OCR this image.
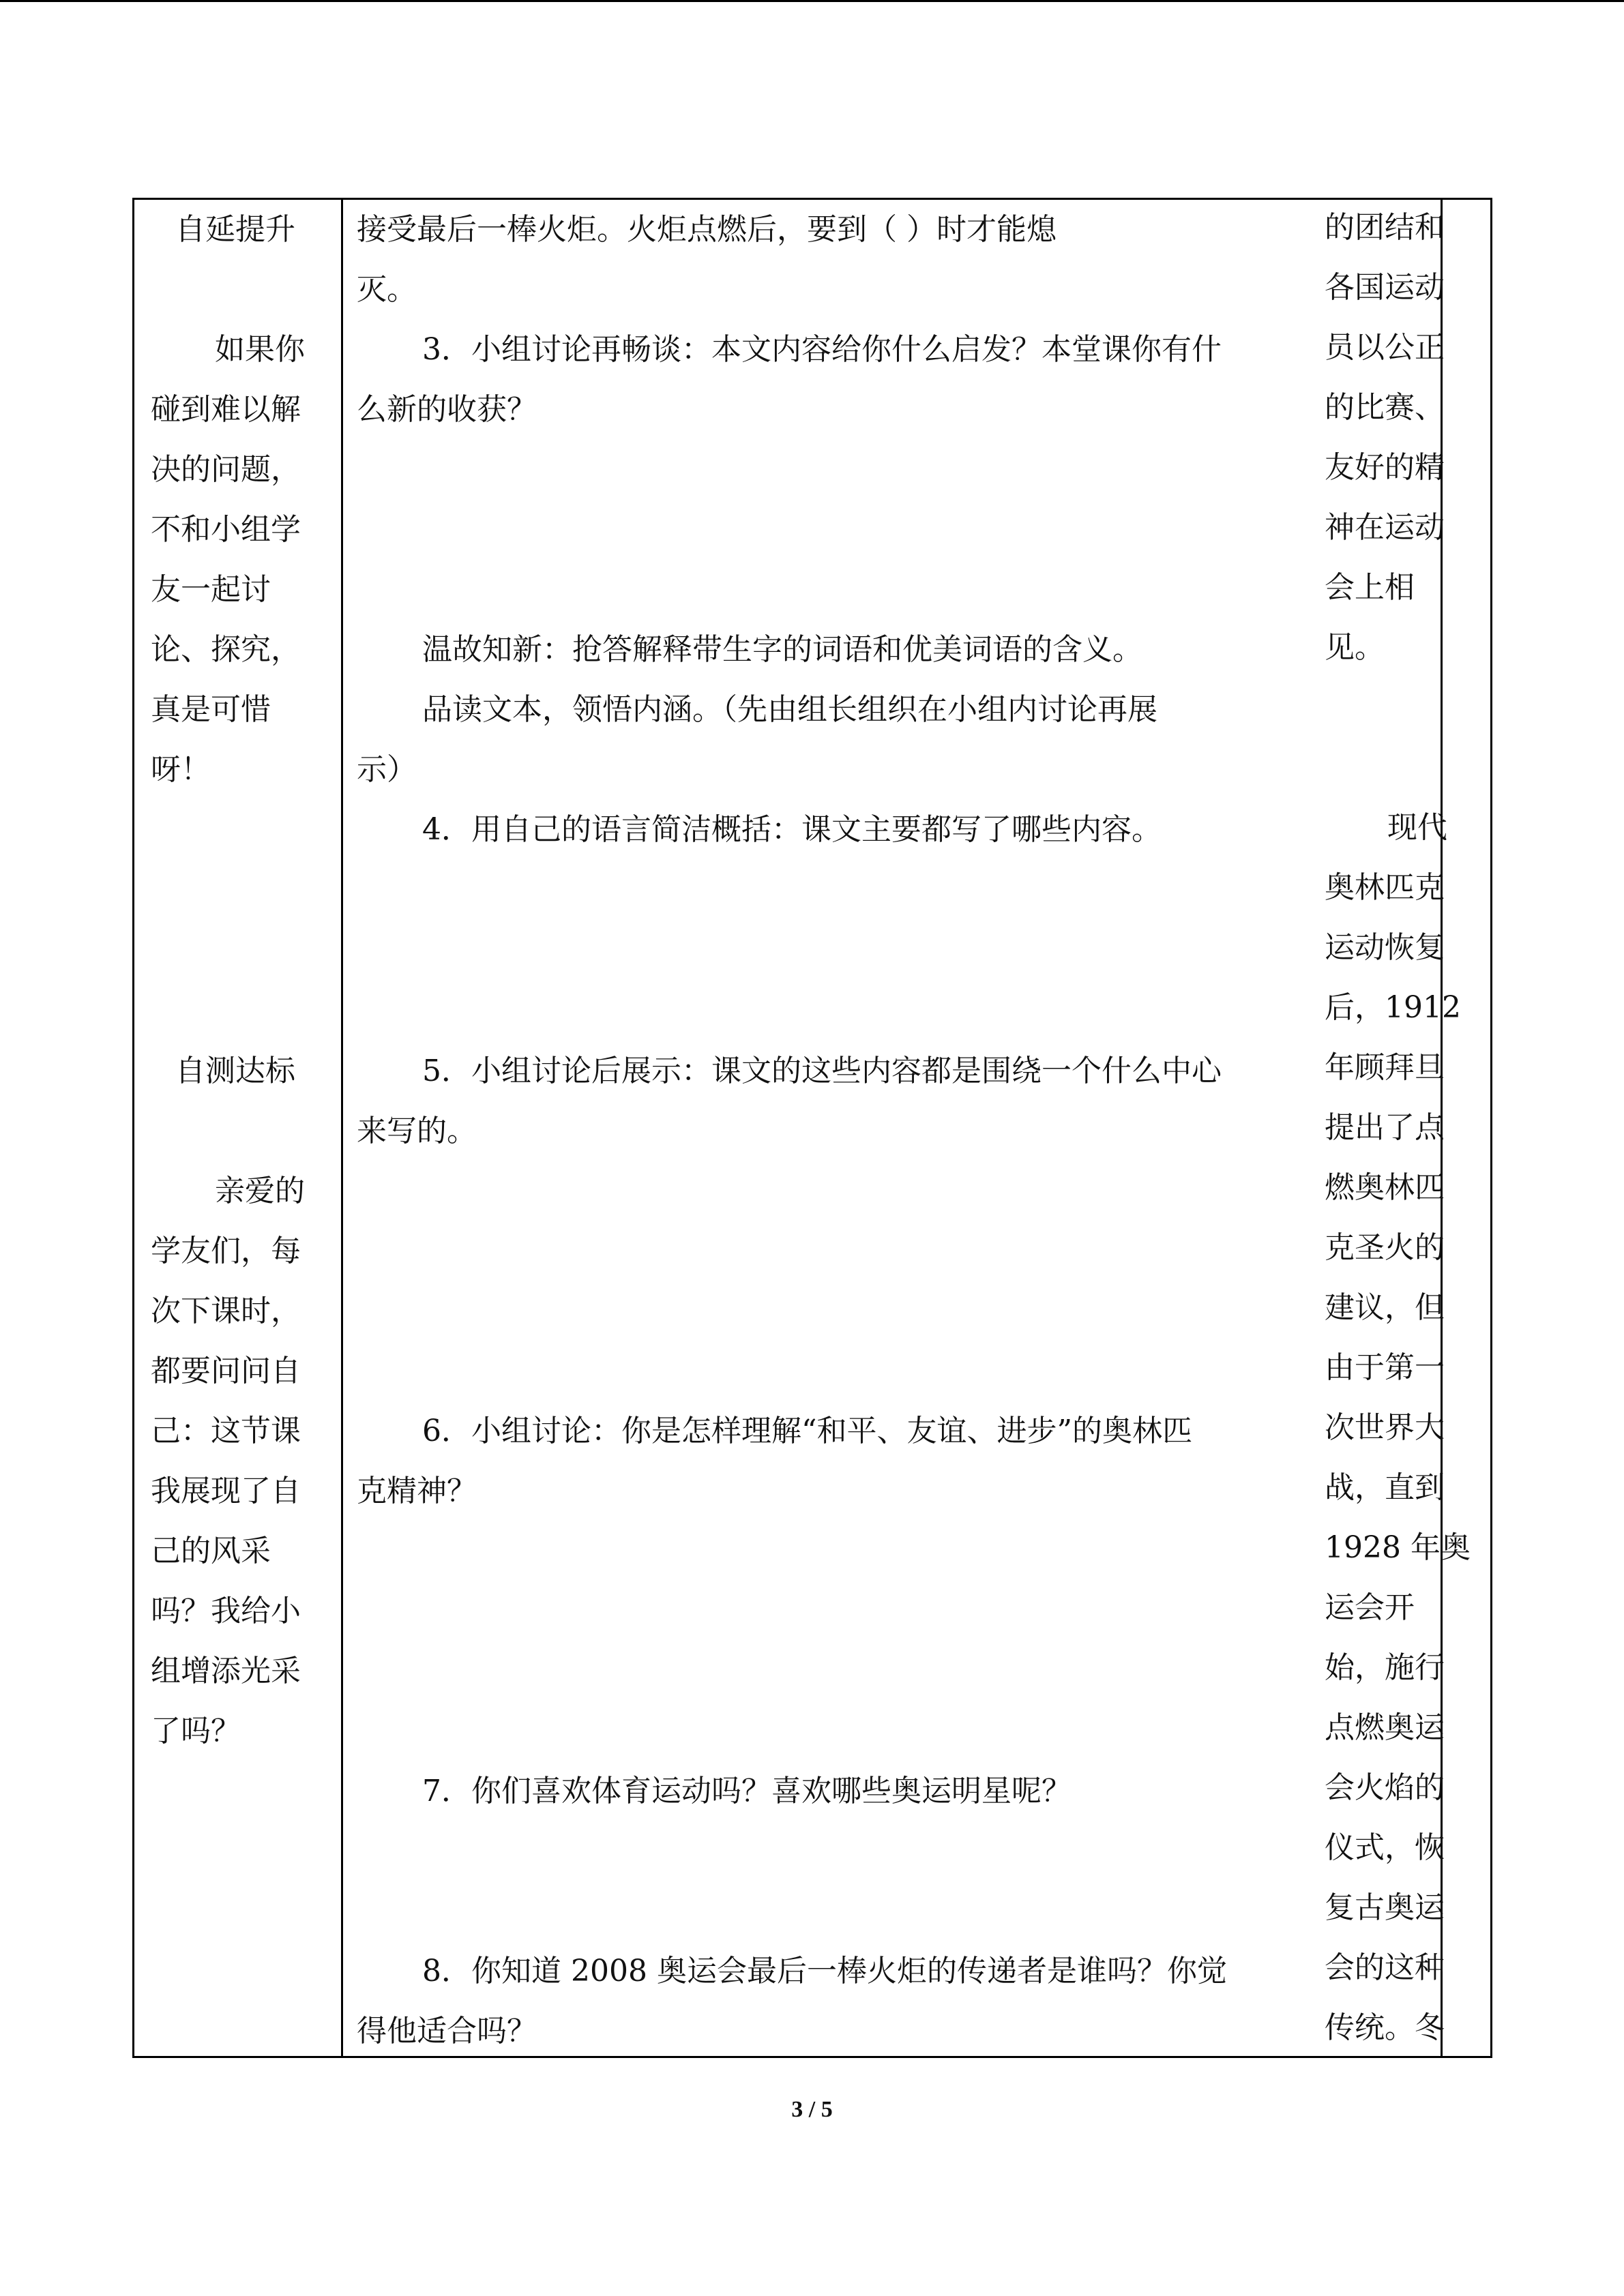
自延提升
如果你
碰到难以解
决的问题，
不和小组学
友一起讨
论、探究，
真是可惜
呀！
自测达标
亲爱的
学友们，每
次下课时，
都要问问自
己：这节课
我展现了自
己的风采
吗？我给小
组增添光采
了吗？
接受最后一棒火炬。火炬点燃后，要到（ ）时才能熄
灭。
3．小组讨论再畅谈：本文内容给你什么启发？本堂课你有什
么新的收获？
温故知新：抢答解释带生字的词语和优美词语的含义。
品读文本，领悟内涵。（先由组长组织在小组内讨论再展
示）
4．用自己的语言简洁概括：课文主要都写了哪些内容。
5．小组讨论后展示：课文的这些内容都是围绕一个什么中心
来写的。
6．小组讨论：你是怎样理解“和平、友谊、进步”的奥林匹
克精神？
7．你们喜欢体育运动吗？喜欢哪些奥运明星呢？
8．你知道 2008 奥运会最后一棒火炬的传递者是谁吗？你觉
得他适合吗？
的团结和
各国运动
员以公正
的比赛、
友好的精
神在运动
会上相
见。
现代
奥林匹克
运动恢复
后，1912
年顾拜旦
提出了点
燃奥林匹
克圣火的
建议，但
由于第一
次世界大
战，直到
1928 年奥
运会开
始，施行
点燃奥运
会火焰的
仪式，恢
复古奥运
会的这种
传统。冬
3 / 5
